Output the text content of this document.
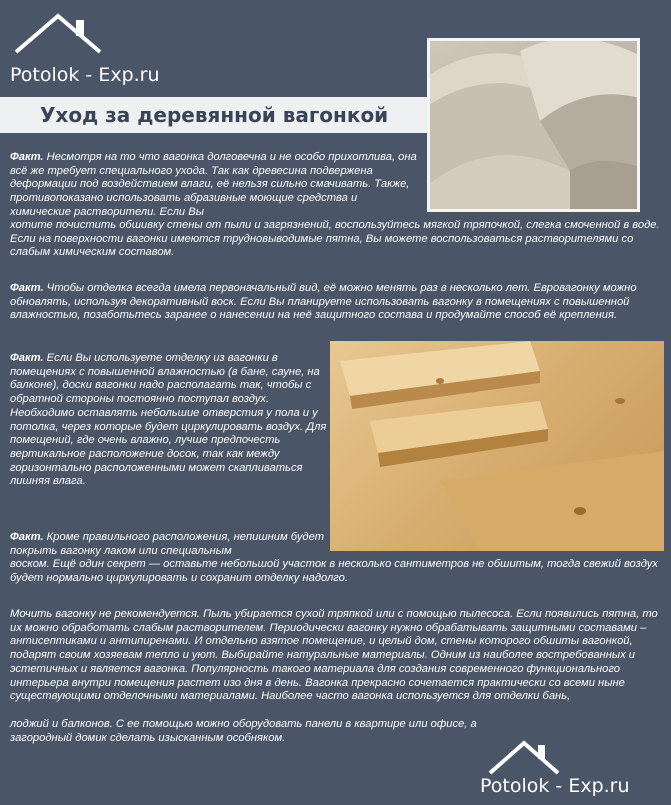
Potolok - Exp.ru
Уход за деревянной вагонкой

Факт. Несмотря на то что вагонка долговечна и не особо прихотлива, она всё же требует специального ухода. Так как древесина подвержена деформации под воздействием влаги, её нельзя сильно смачивать. Также, противопоказано использовать абразивные моющие средства и химические растворители. Если Вы

хотите почистить обшивку стены от пыли и загрязнений, воспользуйтесь мягкой тряпочкой, слегка смоченной в воде. Если на поверхности вагонки имеются трудновыводимые пятна, Вы можете воспользоваться растворителями со слабым химическим составом.

Факт. Чтобы отделка всегда имела первоначальный вид, её можно менять раз в несколько лет. Евровагонку можно обновлять, используя декоративный воск. Если Вы планируете использовать вагонку в помещениях с повышенной влажностью, позаботьтесь заранее о нанесении на неё защитного состава и продумайте способ её крепления.

Факт. Если Вы используете отделку из вагонки в помещениях с повышенной влажностью (в бане, сауне, на балконе), доски вагонки надо располагать так, чтобы с обратной стороны постоянно поступал воздух. Необходимо оставлять небольшие отверстия у пола и у потолка, через которые будет циркулировать воздух. Для помещений, где очень влажно, лучше предпочесть вертикальное расположение досок, так как между горизонтально расположенными может скапливаться лишняя влага.

Факт. Кроме правильного расположения, непишним будет покрыть вагонку лаком или специальным

воском. Ещё один секрет — оставьте небольшой участок в несколько сантиметров не обшитым, тогда свежий воздух будет нормально циркулировать и сохранит отделку надолго.

Мочить вагонку не рекомендуется. Пыль убирается сухой тряпкой или с помощью пылесоса. Если появились пятна, то их можно обработать слабым растворителем. Периодически вагонку нужно обрабатывать защитными составами – антисептиками и антипиренами. И отдельно взятое помещение, и целый дом, стены которого обшиты вагонкой, подарят своим хозяевам тепло и уют. Выбирайте натуральные материалы. Одним из наиболее востребованных и эстетичных и является вагонка. Популярность такого материала для создания современного функционального интерьера внутри помещения растет изо дня в день. Вагонка прекрасно сочетается практически со всеми ныне существующими отделочными материалами. Наиболее часто вагонка используется для отделки бань,

лоджий и балконов. С ее помощью можно оборудовать панели в квартире или офисе, а загородный домик сделать изысканным особняком.

Potolok - Exp.ru
